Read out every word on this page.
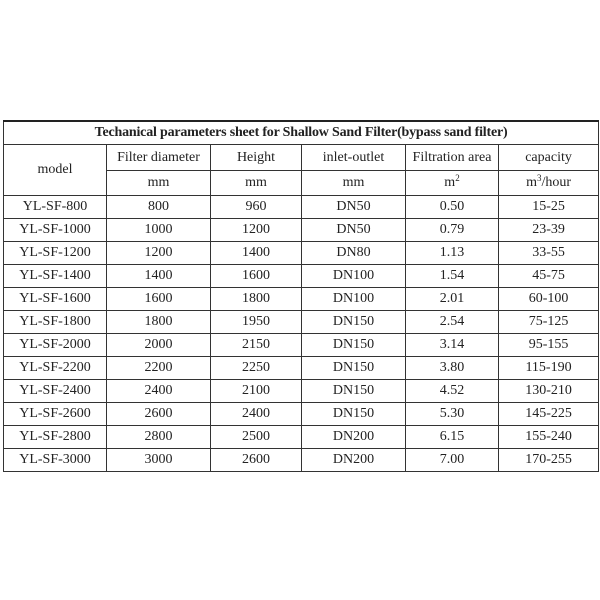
Techanical parameters sheet for Shallow Sand Filter(bypass sand filter)					
model	Filter diameter	Height	inlet-outlet	Filtration area	capacity
	mm	mm	mm	$m^2$	$m^3$/hour
YL-SF-800	800	960	DN50	0.50	15-25
YL-SF-1000	1000	1200	DN50	0.79	23-39
YL-SF-1200	1200	1400	DN80	1.13	33-55
YL-SF-1400	1400	1600	DN100	1.54	45-75
YL-SF-1600	1600	1800	DN100	2.01	60-100
YL-SF-1800	1800	1950	DN150	2.54	75-125
YL-SF-2000	2000	2150	DN150	3.14	95-155
YL-SF-2200	2200	2250	DN150	3.80	115-190
YL-SF-2400	2400	2100	DN150	4.52	130-210
YL-SF-2600	2600	2400	DN150	5.30	145-225
YL-SF-2800	2800	2500	DN200	6.15	155-240
YL-SF-3000	3000	2600	DN200	7.00	170-255
